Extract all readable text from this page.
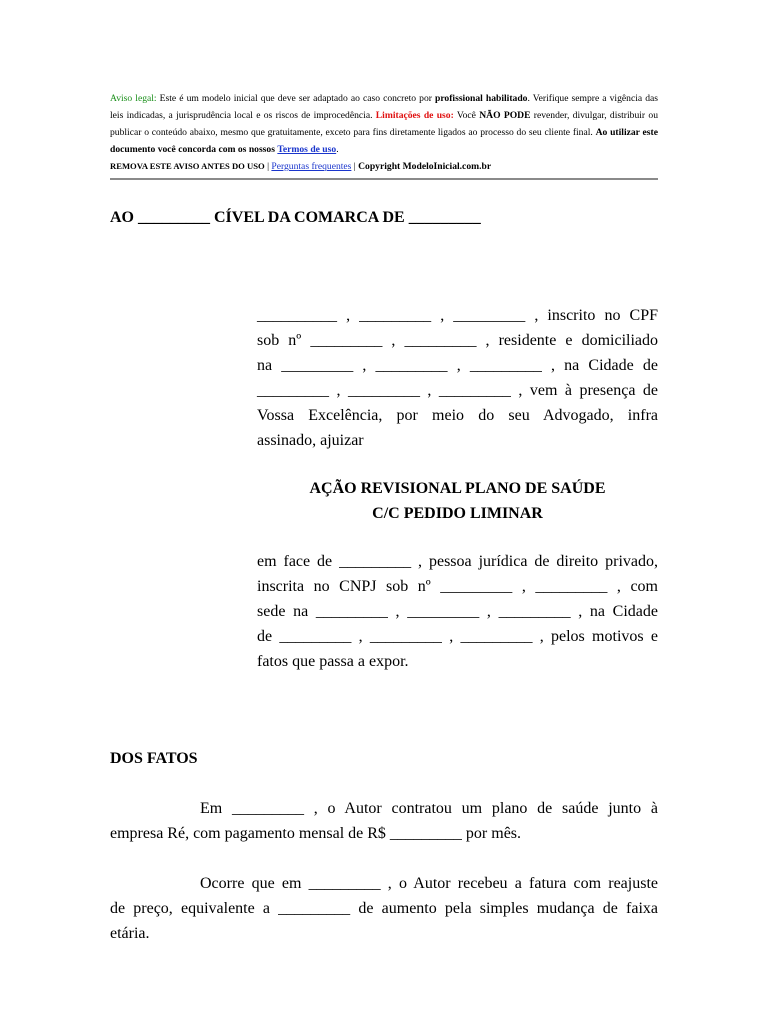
Aviso legal: Este é um modelo inicial que deve ser adaptado ao caso concreto por profissional habilitado. Verifique sempre a vigência das leis indicadas, a jurisprudência local e os riscos de improcedência. Limitações de uso: Você NÃO PODE revender, divulgar, distribuir ou publicar o conteúdo abaixo, mesmo que gratuitamente, exceto para fins diretamente ligados ao processo do seu cliente final. Ao utilizar este documento você concorda com os nossos Termos de uso.
REMOVA ESTE AVISO ANTES DO USO | Perguntas frequentes | Copyright ModeloInicial.com.br
AO _________ CÍVEL DA COMARCA DE _________

__________ , _________ , _________ , inscrito no CPF

sob nº _________ , _________ , residente e domiciliado

na _________ , _________ , _________ , na Cidade de

_________ , _________ , _________ , vem à presença de

Vossa Excelência, por meio do seu Advogado, infra

assinado, ajuizar

AÇÃO REVISIONAL PLANO DE SAÚDE
C/C PEDIDO LIMINAR

em face de _________ , pessoa jurídica de direito privado,

inscrita no CNPJ sob nº _________ , _________ , com

sede na _________ , _________ , _________ , na Cidade

de _________ , _________ , _________ , pelos motivos e

fatos que passa a expor.

DOS FATOS

Em _________ , o Autor contratou um plano de saúde junto à

empresa Ré, com pagamento mensal de R$ _________ por mês.

Ocorre que em _________ , o Autor recebeu a fatura com reajuste

de preço, equivalente a _________ de aumento pela simples mudança de faixa

etária.
